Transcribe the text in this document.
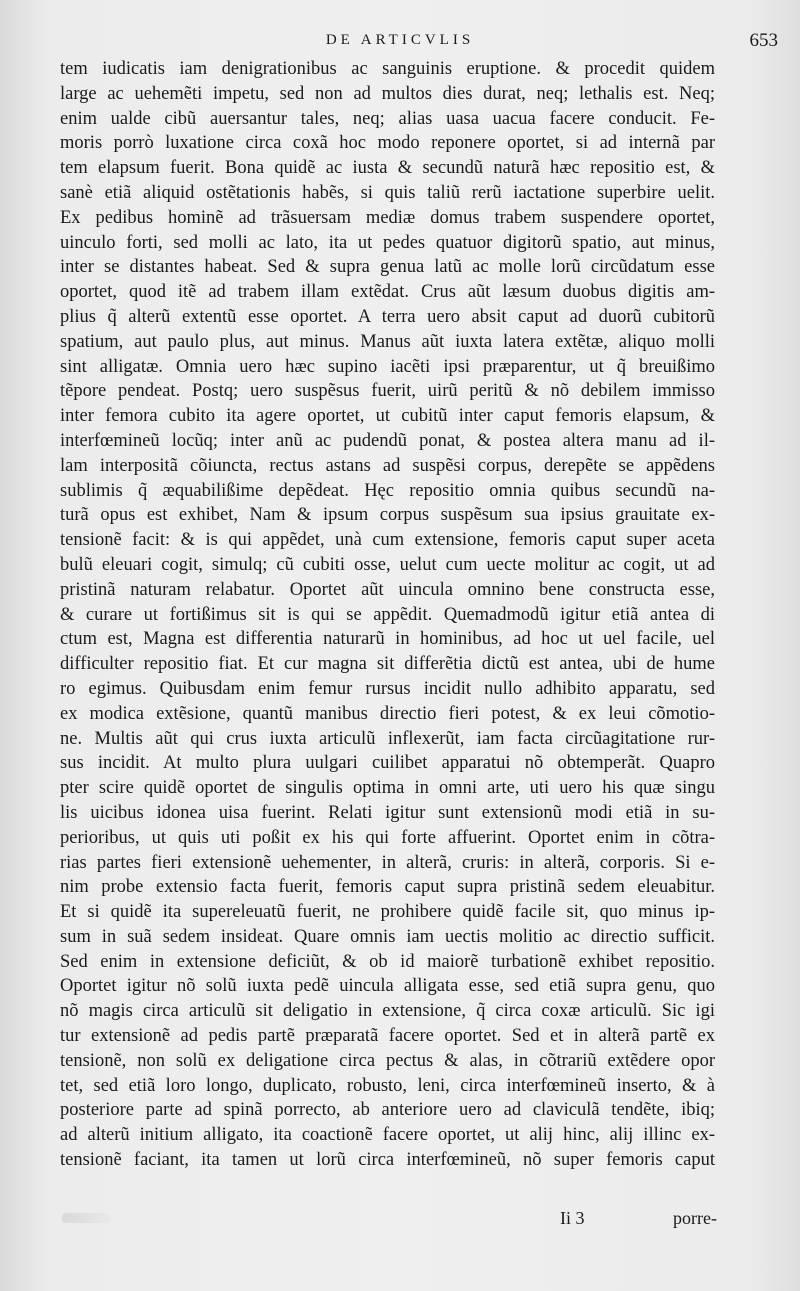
DE ARTICVLIS	653
tem iudicatis iam denigrationibus ac sanguinis eruptione. & procedit quidem
large ac uehemẽti impetu, sed non ad multos dies durat, neq; lethalis est. Neq;
enim ualde cibũ auersantur tales, neq; alias uasa uacua facere conducit. Fe-
moris porrò luxatione circa coxã hoc modo reponere oportet, si ad internã par
tem elapsum fuerit. Bona quidẽ ac iusta & secundũ naturã hæc repositio est, &
sanè etiã aliquid ostẽtationis habẽs, si quis taliũ rerũ iactatione superbire uelit.
Ex pedibus hominẽ ad trãsuersam mediæ domus trabem suspendere oportet,
uinculo forti, sed molli ac lato, ita ut pedes quatuor digitorũ spatio, aut minus,
inter se distantes habeat. Sed & supra genua latũ ac molle lorũ circũdatum esse
oportet, quod itẽ ad trabem illam extẽdat. Crus aũt læsum duobus digitis am-
plius q̃ alterũ extentũ esse oportet. A terra uero absit caput ad duorũ cubitorũ
spatium, aut paulo plus, aut minus. Manus aũt iuxta latera extẽtæ, aliquo molli
sint alligatæ. Omnia uero hæc supino iacẽti ipsi præparentur, ut q̃ breuißimo
tẽpore pendeat. Postq; uero suspẽsus fuerit, uirũ peritũ & nõ debilem immisso
inter femora cubito ita agere oportet, ut cubitũ inter caput femoris elapsum, &
interfœmineũ locũq; inter anũ ac pudendũ ponat, & postea altera manu ad il-
lam interpositã cõiuncta, rectus astans ad suspẽsi corpus, derepẽte se appẽdens
sublimis q̃ æquabilißime depẽdeat. Hęc repositio omnia quibus secundũ na-
turã opus est exhibet, Nam & ipsum corpus suspẽsum sua ipsius grauitate ex-
tensionẽ facit: & is qui appẽdet, unà cum extensione, femoris caput super aceta
bulũ eleuari cogit, simulq; cũ cubiti osse, uelut cum uecte molitur ac cogit, ut ad
pristinã naturam relabatur. Oportet aũt uincula omnino bene constructa esse,
& curare ut fortißimus sit is qui se appẽdit. Quemadmodũ igitur etiã antea di
ctum est, Magna est differentia naturarũ in hominibus, ad hoc ut uel facile, uel
difficulter repositio fiat. Et cur magna sit differẽtia dictũ est antea, ubi de hume
ro egimus. Quibusdam enim femur rursus incidit nullo adhibito apparatu, sed
ex modica extẽsione, quantũ manibus directio fieri potest, & ex leui cõmotio-
ne. Multis aũt qui crus iuxta articulũ inflexerũt, iam facta circũagitatione rur-
sus incidit. At multo plura uulgari cuilibet apparatui nõ obtemperãt. Quapro
pter scire quidẽ oportet de singulis optima in omni arte, uti uero his quæ singu
lis uicibus idonea uisa fuerint. Relati igitur sunt extensionũ modi etiã in su-
perioribus, ut quis uti poßit ex his qui forte affuerint. Oportet enim in cõtra-
rias partes fieri extensionẽ uehementer, in alterã, cruris: in alterã, corporis. Si e-
nim probe extensio facta fuerit, femoris caput supra pristinã sedem eleuabitur.
Et si quidẽ ita supereleuatũ fuerit, ne prohibere quidẽ facile sit, quo minus ip-
sum in suã sedem insideat. Quare omnis iam uectis molitio ac directio sufficit.
Sed enim in extensione deficiũt, & ob id maiorẽ turbationẽ exhibet repositio.
Oportet igitur nõ solũ iuxta pedẽ uincula alligata esse, sed etiã supra genu, quo
nõ magis circa articulũ sit deligatio in extensione, q̃ circa coxæ articulũ. Sic igi
tur extensionẽ ad pedis partẽ præparatã facere oportet. Sed et in alterã partẽ ex
tensionẽ, non solũ ex deligatione circa pectus & alas, in cõtrariũ extẽdere opor
tet, sed etiã loro longo, duplicato, robusto, leni, circa interfœmineũ inserto, & à
posteriore parte ad spinã porrecto, ab anteriore uero ad claviculã tendẽte, ibiq;
ad alterũ initium alligato, ita coactionẽ facere oportet, ut alij hinc, alij illinc ex-
tensionẽ faciant, ita tamen ut lorũ circa interfœmineũ, nõ super femoris caput
Ii 3	porre-
